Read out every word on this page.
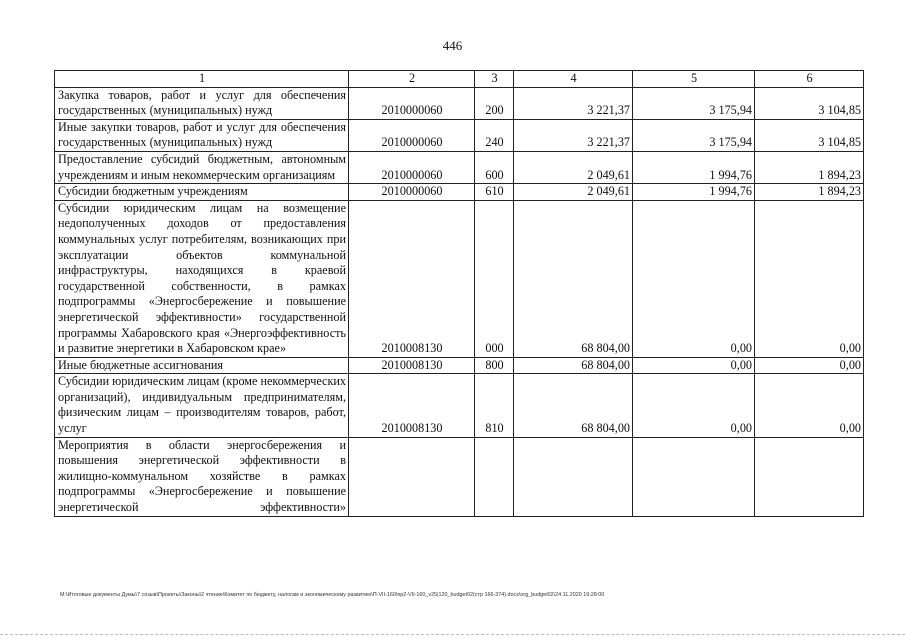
446
1	2	3	4	5	6
Закупка товаров, работ и услуг для обеспечения государственных (муниципальных) нужд	2010000060	200	3 221,37	3 175,94	3 104,85
Иные закупки товаров, работ и услуг для обеспечения государственных (муниципальных) нужд	2010000060	240	3 221,37	3 175,94	3 104,85
Предоставление субсидий бюджетным, автономным учреждениям и иным некоммерческим организациям	2010000060	600	2 049,61	1 994,76	1 894,23
Субсидии бюджетным учреждениям	2010000060	610	2 049,61	1 994,76	1 894,23
Субсидии юридическим лицам на возмещение недополученных доходов от предоставления коммунальных услуг потребителям, возникающих при эксплуатации объектов коммунальной инфраструктуры, находящихся в краевой государственной собственности, в рамках подпрограммы «Энергосбережение и повышение энергетической эффективности» государственной программы Хабаровского края «Энергоэффективность и развитие энергетики в Хабаровском крае»	2010008130	000	68 804,00	0,00	0,00
Иные бюджетные ассигнования	2010008130	800	68 804,00	0,00	0,00
Субсидии юридическим лицам (кроме некоммерческих организаций), индивидуальным предпринимателям, физическим лицам – производителям товаров, работ, услуг	2010008130	810	68 804,00	0,00	0,00
Мероприятия в области энергосбережения и повышения энергетической эффективности в жилищно-коммунальном хозяйстве в рамках подпрограммы «Энергосбережение и повышение энергетической эффективности»					
M:\Итоговые документы Думы\7 созыв\Проекты\Законы\2 чтение\Комитет по бюджету, налогам и экономическому развитию\П-VII-160\пр2-VII-160_v25|120_budget02(стр 166-374).docx\org_budget02\24.11.2020 19:28:00
